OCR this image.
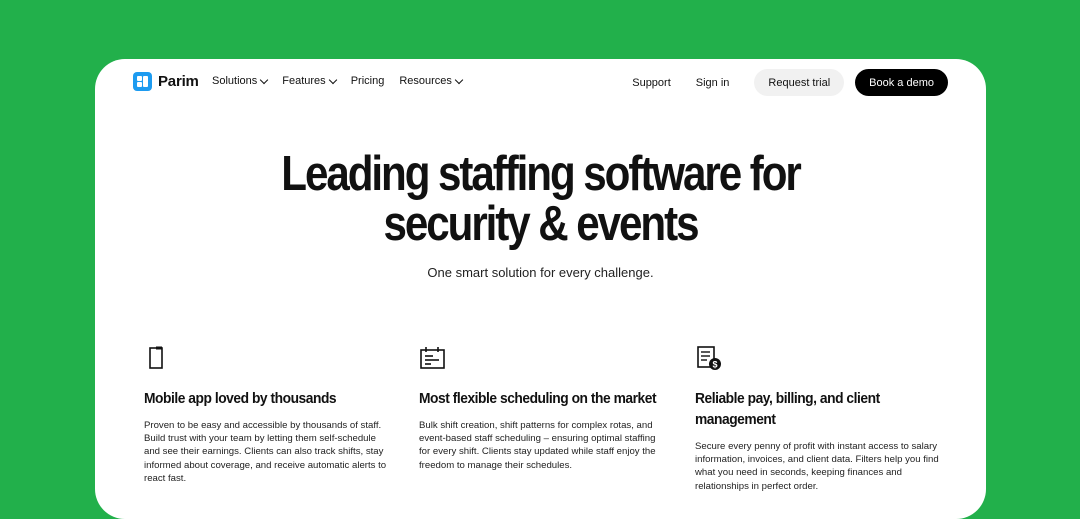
Parim Solutions Features Pricing Resources	Support Sign in	Request trial	Book a demo
Leading staffing software for
security & events
One smart solution for every challenge.
Mobile app loved by thousands

Proven to be easy and accessible by thousands of staff. Build trust with your team by letting them self-schedule and see their earnings. Clients can also track shifts, stay informed about coverage, and receive automatic alerts to react fast.

Most flexible scheduling on the market

Bulk shift creation, shift patterns for complex rotas, and event-based staff scheduling – ensuring optimal staffing for every shift. Clients stay updated while staff enjoy the freedom to manage their schedules.

$
Reliable pay, billing, and client
management

Secure every penny of profit with instant access to salary information, invoices, and client data. Filters help you find what you need in seconds, keeping finances and relationships in perfect order.
